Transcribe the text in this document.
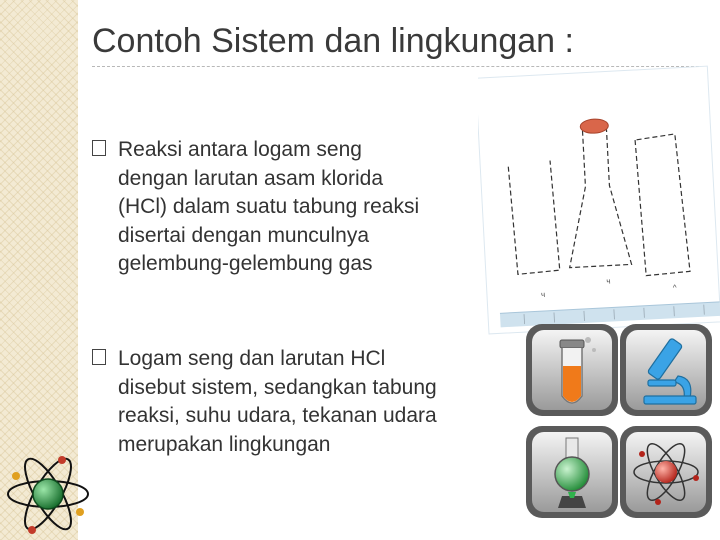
Contoh Sistem dan lingkungan :
Reaksi antara logam seng dengan larutan asam klorida (HCl) dalam suatu tabung reaksi disertai dengan munculnya gelembung-gelembung gas
Logam seng dan larutan HCl disebut sistem, sedangkan tabung reaksi, suhu udara, tekanan udara merupakan lingkungan
ч
ч
^
